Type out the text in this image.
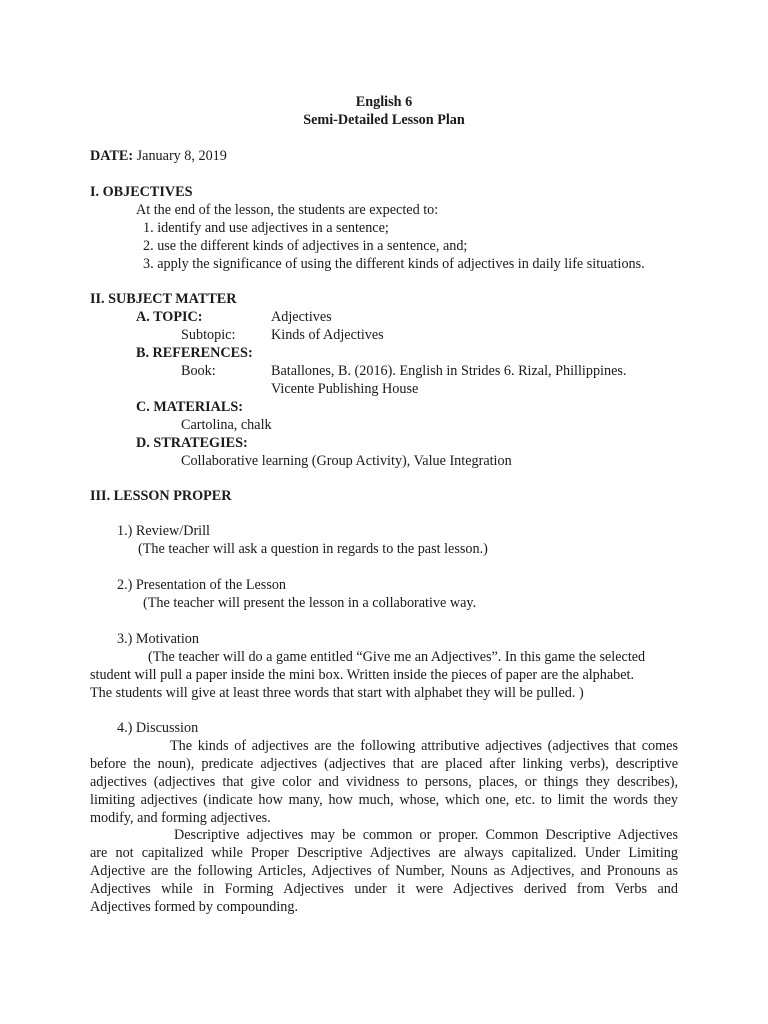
English 6
Semi-Detailed Lesson Plan
DATE: January 8, 2019
I. OBJECTIVES
At the end of the lesson, the students are expected to:
1. identify and use adjectives in a sentence;
2. use the different kinds of adjectives in a sentence, and;
3. apply the significance of using the different kinds of adjectives in daily life situations.
II. SUBJECT MATTER
A. TOPIC:	Adjectives
Subtopic:	Kinds of Adjectives
B. REFERENCES:
Book:	Batallones, B. (2016). English in Strides 6. Rizal, Phillippines.
Vicente Publishing House
C. MATERIALS:
Cartolina, chalk
D. STRATEGIES:
Collaborative learning (Group Activity), Value Integration
III. LESSON PROPER
1.) Review/Drill
(The teacher will ask a question in regards to the past lesson.)
2.) Presentation of the Lesson
(The teacher will present the lesson in a collaborative way.
3.) Motivation
(The teacher will do a game entitled “Give me an Adjectives”. In this game the selected
student will pull a paper inside the mini box. Written inside the pieces of paper are the alphabet.
The students will give at least three words that start with alphabet they will be pulled. )
4.) Discussion
The kinds of adjectives are the following attributive adjectives (adjectives that comes
before the noun), predicate adjectives (adjectives that are placed after linking verbs), descriptive
adjectives (adjectives that give color and vividness to persons, places, or things they describes),
limiting adjectives (indicate how many, how much, whose, which one, etc. to limit the words they
modify, and forming adjectives.
Descriptive adjectives may be common or proper. Common Descriptive Adjectives
are not capitalized while Proper Descriptive Adjectives are always capitalized. Under Limiting
Adjective are the following Articles, Adjectives of Number, Nouns as Adjectives, and Pronouns as
Adjectives while in Forming Adjectives under it were Adjectives derived from Verbs and
Adjectives formed by compounding.
